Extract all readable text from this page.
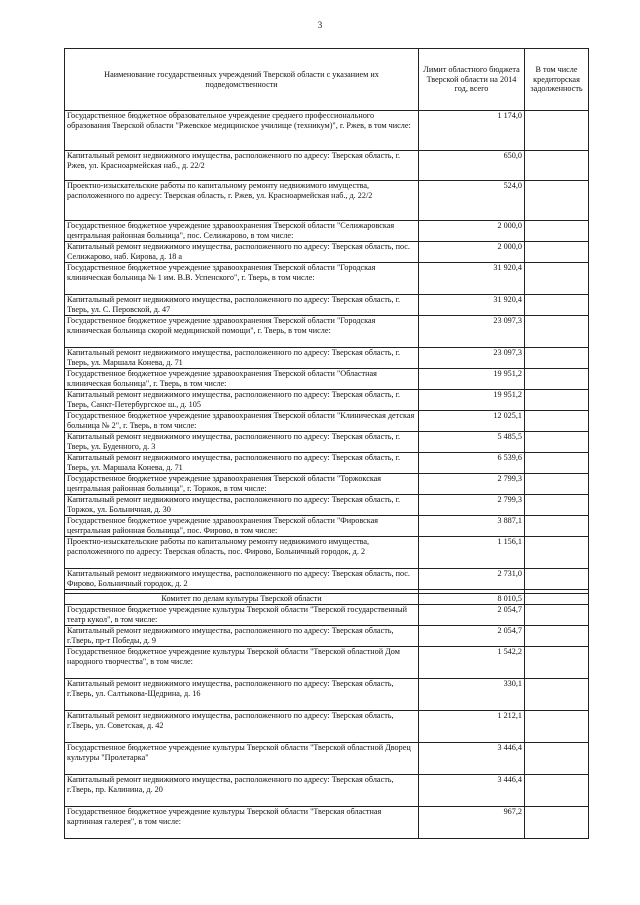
3
Наименование государственных учреждений Тверской области с указанием их подведомственности	Лимит областного бюджета Тверской области на 2014 год, всего	В том числе кредиторская задолженность
Государственное бюджетное образовательное учреждение среднего профессионального образования Тверской области "Ржевское медицинское училище (техникум)", г. Ржев, в том числе:	1 174,0	
Капитальный ремонт недвижимого имущества, расположенного по адресу: Тверская область, г. Ржев, ул. Красноармейская наб., д. 22/2	650,0	
Проектно-изыскательские работы по капитальному ремонту недвижимого имущества, расположенного по адресу: Тверская область, г. Ржев, ул. Красноармейская наб., д. 22/2	524,0	
Государственное бюджетное учреждение здравоохранения Тверской области "Селижаровская центральная районная больница", пос. Селижарово, в том числе:	2 000,0	
Капитальный ремонт недвижимого имущества, расположенного по адресу: Тверская область, пос. Селижарово, наб. Кирова, д. 18 а	2 000,0	
Государственное бюджетное учреждение здравоохранения Тверской области "Городская клиническая больница № 1 им. В.В. Успенского", г. Тверь, в том числе:	31 920,4	
Капитальный ремонт недвижимого имущества, расположенного по адресу: Тверская область, г. Тверь, ул. С. Перовской, д. 47	31 920,4	
Государственное бюджетное учреждение здравоохранения Тверской области "Городская клиническая больница скорой медицинской помощи", г. Тверь, в том числе:	23 097,3	
Капитальный ремонт недвижимого имущества, расположенного по адресу: Тверская область, г. Тверь, ул. Маршала Конева, д. 71	23 097,3	
Государственное бюджетное учреждение здравоохранения Тверской области "Областная клиническая больница", г. Тверь, в том числе:	19 951,2	
Капитальный ремонт недвижимого имущества, расположенного по адресу: Тверская область, г. Тверь, Санкт-Петербургское ш., д. 105	19 951,2	
Государственное бюджетное учреждение здравоохранения Тверской области "Клиническая детская больница № 2", г. Тверь, в том числе:	12 025,1	
Капитальный ремонт недвижимого имущества, расположенного по адресу: Тверская область, г. Тверь, ул. Буденного, д. 3	5 485,5	
Капитальный ремонт недвижимого имущества, расположенного по адресу: Тверская область, г. Тверь, ул. Маршала Конева, д. 71	6 539,6	
Государственное бюджетное учреждение здравоохранения Тверской области "Торжокская центральная районная больница", г. Торжок, в том числе:	2 799,3	
Капитальный ремонт недвижимого имущества, расположенного по адресу: Тверская область, г. Торжок, ул. Больничная, д. 30	2 799,3	
Государственное бюджетное учреждение здравоохранения Тверской области "Фировская центральная районная больница", пос. Фирово, в том числе:	3 887,1	
Проектно-изыскательские работы по капитальному ремонту недвижимого имущества, расположенного по адресу: Тверская область, пос. Фирово, Больничный городок, д. 2	1 156,1	
Капитальный ремонт недвижимого имущества, расположенного по адресу: Тверская область, пос. Фирово, Больничный городок, д. 2	2 731,0	

Комитет по делам культуры Тверской области	8 010,5	
Государственное бюджетное учреждение культуры Тверской области "Тверской государственный театр кукол", в том числе:	2 054,7	
Капитальный ремонт недвижимого имущества, расположенного по адресу: Тверская область, г.Тверь, пр-т Победы, д. 9	2 054,7	
Государственное бюджетное учреждение культуры Тверской области "Тверской областной Дом народного творчества", в том числе:	1 542,2	
Капитальный ремонт недвижимого имущества, расположенного по адресу: Тверская область, г.Тверь, ул. Салтыкова-Щедрина, д. 16	330,1	
Капитальный ремонт недвижимого имущества, расположенного по адресу: Тверская область, г.Тверь, ул. Советская, д. 42	1 212,1	
Государственное бюджетное учреждение культуры Тверской области "Тверской областной Дворец культуры "Пролетарка"	3 446,4	
Капитальный ремонт недвижимого имущества, расположенного по адресу: Тверская область, г.Тверь, пр. Калинина, д. 20	3 446,4	
Государственное бюджетное учреждение культуры Тверской области "Тверская областная картинная галерея", в том числе:	967,2	
